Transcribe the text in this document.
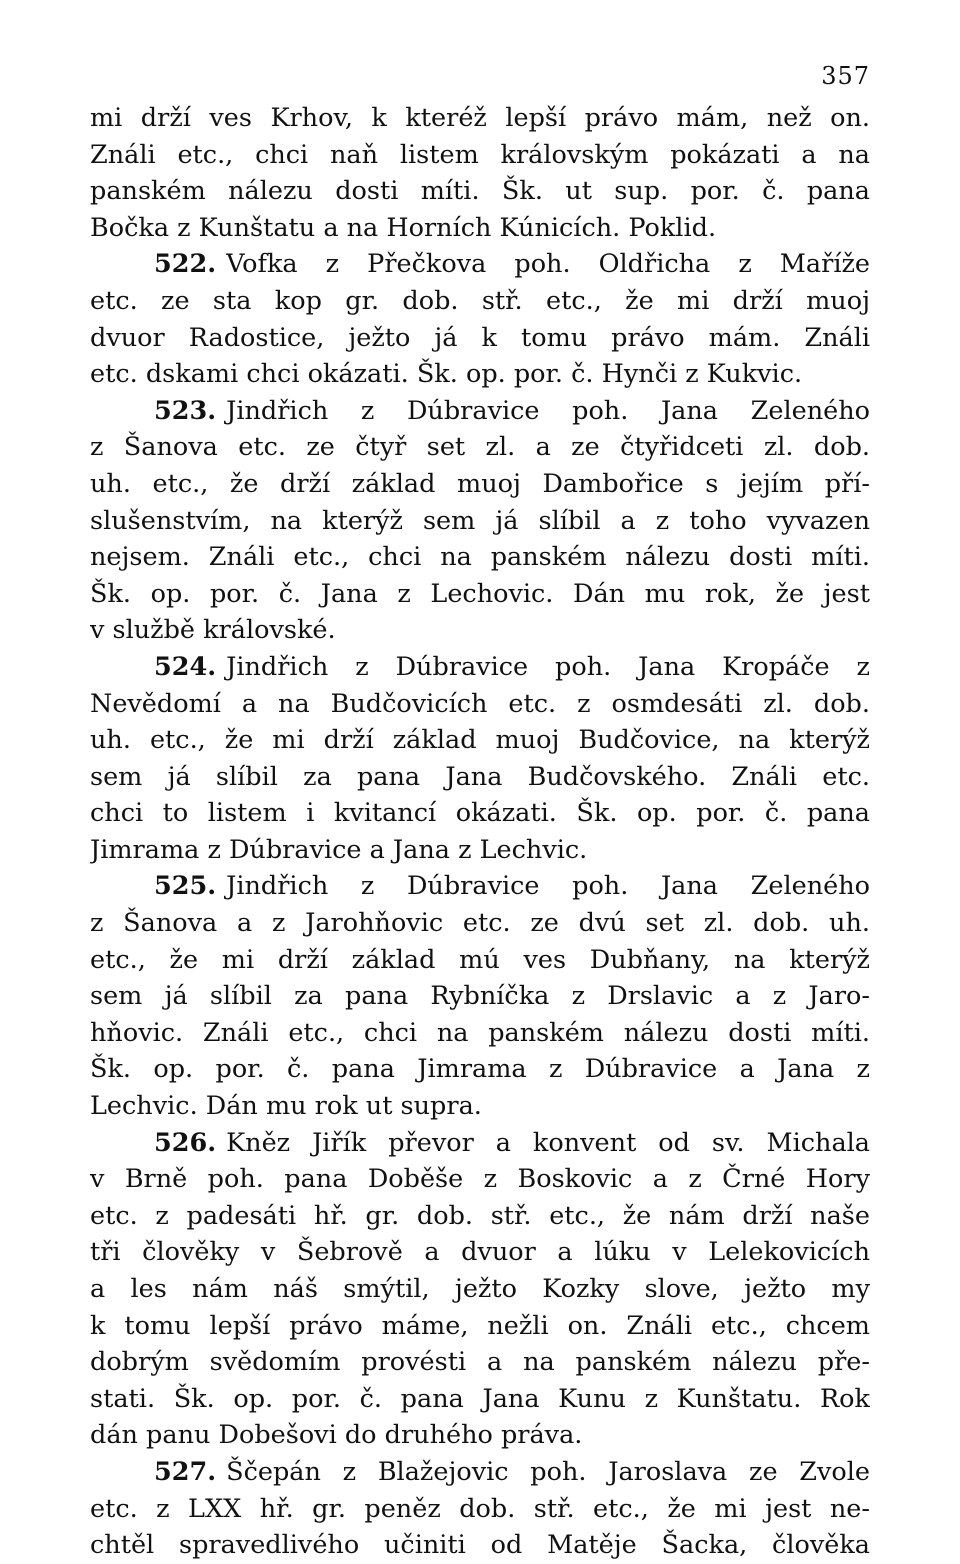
357
mi drží ves Krhov, k kteréž lepší právo mám, než on.
Ználi etc., chci naň listem královským pokázati a na
panském nálezu dosti míti. Šk. ut sup. por. č. pana
Bočka z Kunštatu a na Horních Kúnicích. Poklid.
522. Vofka z Přečkova poh. Oldřicha z Maříže
etc. ze sta kop gr. dob. stř. etc., že mi drží muoj
dvuor Radostice, ježto já k tomu právo mám. Ználi
etc. dskami chci okázati. Šk. op. por. č. Hynči z Kukvic.
523. Jindřich z Dúbravice poh. Jana Zeleného
z Šanova etc. ze čtyř set zl. a ze čtyřidceti zl. dob.
uh. etc., že drží základ muoj Dambořice s jejím pří-
slušenstvím, na kterýž sem já slíbil a z toho vyvazen
nejsem. Ználi etc., chci na panském nálezu dosti míti.
Šk. op. por. č. Jana z Lechovic. Dán mu rok, že jest
v službě královské.
524. Jindřich z Dúbravice poh. Jana Kropáče z
Nevědomí a na Budčovicích etc. z osmdesáti zl. dob.
uh. etc., že mi drží základ muoj Budčovice, na kterýž
sem já slíbil za pana Jana Budčovského. Ználi etc.
chci to listem i kvitancí okázati. Šk. op. por. č. pana
Jimrama z Dúbravice a Jana z Lechvic.
525. Jindřich z Dúbravice poh. Jana Zeleného
z Šanova a z Jarohňovic etc. ze dvú set zl. dob. uh.
etc., že mi drží základ mú ves Dubňany, na kterýž
sem já slíbil za pana Rybníčka z Drslavic a z Jaro-
hňovic. Ználi etc., chci na panském nálezu dosti míti.
Šk. op. por. č. pana Jimrama z Dúbravice a Jana z
Lechvic. Dán mu rok ut supra.
526. Kněz Jiřík převor a konvent od sv. Michala
v Brně poh. pana Doběše z Boskovic a z Črné Hory
etc. z padesáti hř. gr. dob. stř. etc., že nám drží naše
tři člověky v Šebrově a dvuor a lúku v Lelekovicích
a les nám náš smýtil, ježto Kozky slove, ježto my
k tomu lepší právo máme, nežli on. Ználi etc., chcem
dobrým svědomím provésti a na panském nálezu pře-
stati. Šk. op. por. č. pana Jana Kunu z Kunštatu. Rok
dán panu Dobešovi do druhého práva.
527. Ščepán z Blažejovic poh. Jaroslava ze Zvole
etc. z LXX hř. gr. peněz dob. stř. etc., že mi jest ne-
chtěl spravedlivého učiniti od Matěje Šacka, člověka
